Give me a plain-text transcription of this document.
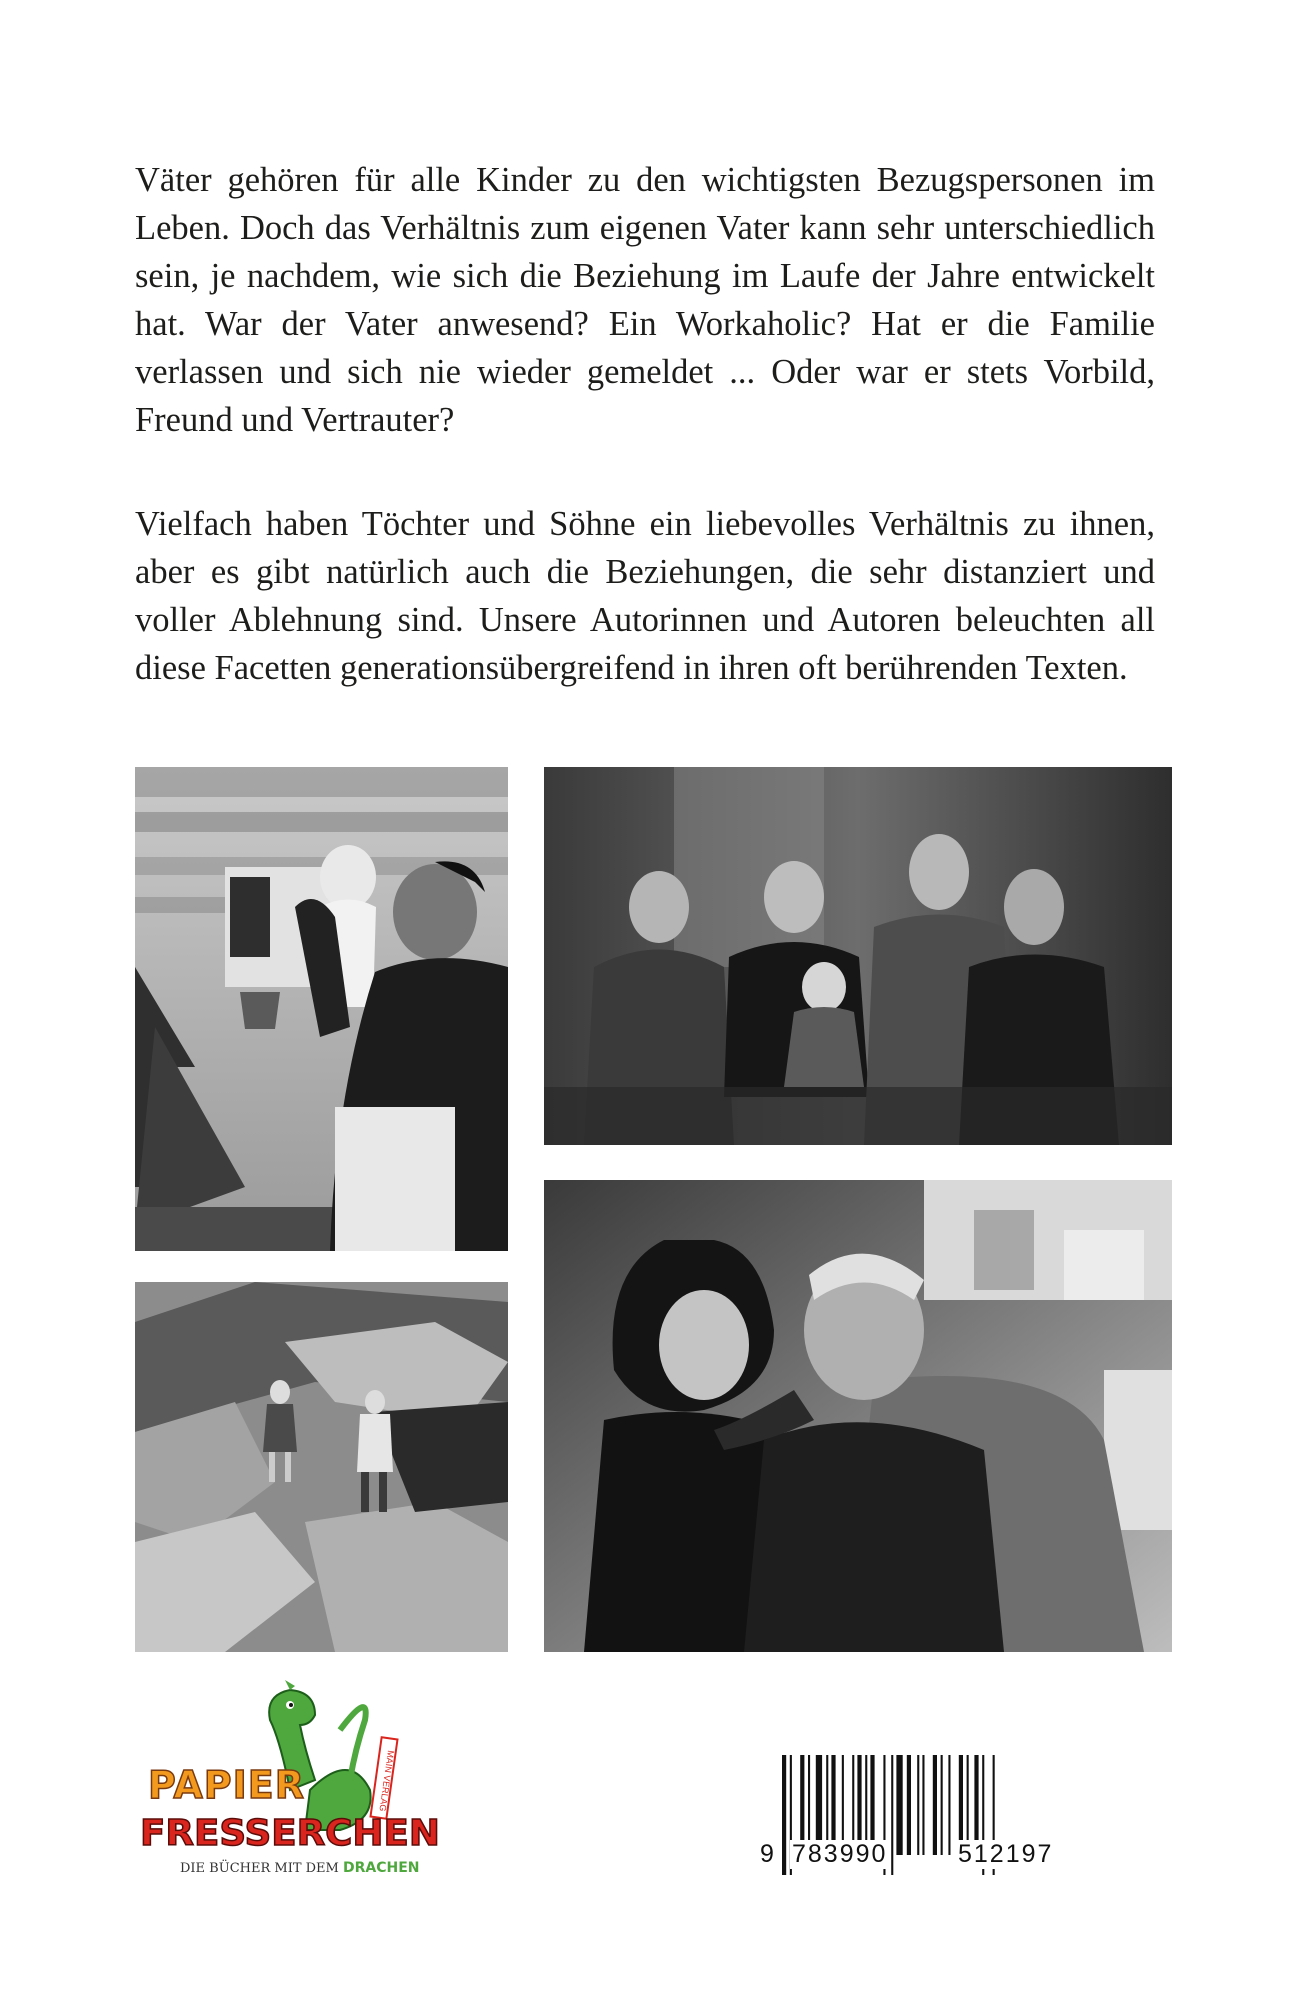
Väter gehören für alle Kinder zu den wichtigsten Bezugspersonen im Leben. Doch das Verhältnis zum eigenen Vater kann sehr unterschiedlich sein, je nachdem, wie sich die Beziehung im Laufe der Jahre entwickelt hat. War der Vater anwesend? Ein Workaholic? Hat er die Familie verlassen und sich nie wieder gemeldet ... Oder war er stets Vorbild, Freund und Vertrauter?

Vielfach haben Töchter und Söhne ein liebevolles Verhältnis zu ihnen, aber es gibt natürlich auch die Beziehungen, die sehr distanziert und voller Ablehnung sind. Unsere Autorinnen und Autoren beleuchten all diese Facetten generationsübergreifend in ihren oft berührenden Texten.

MAIN VERLAG
PAPIER
FRESSERCHEN
DIE BÜCHER MIT DEM DRACHEN	9 783990	512197
